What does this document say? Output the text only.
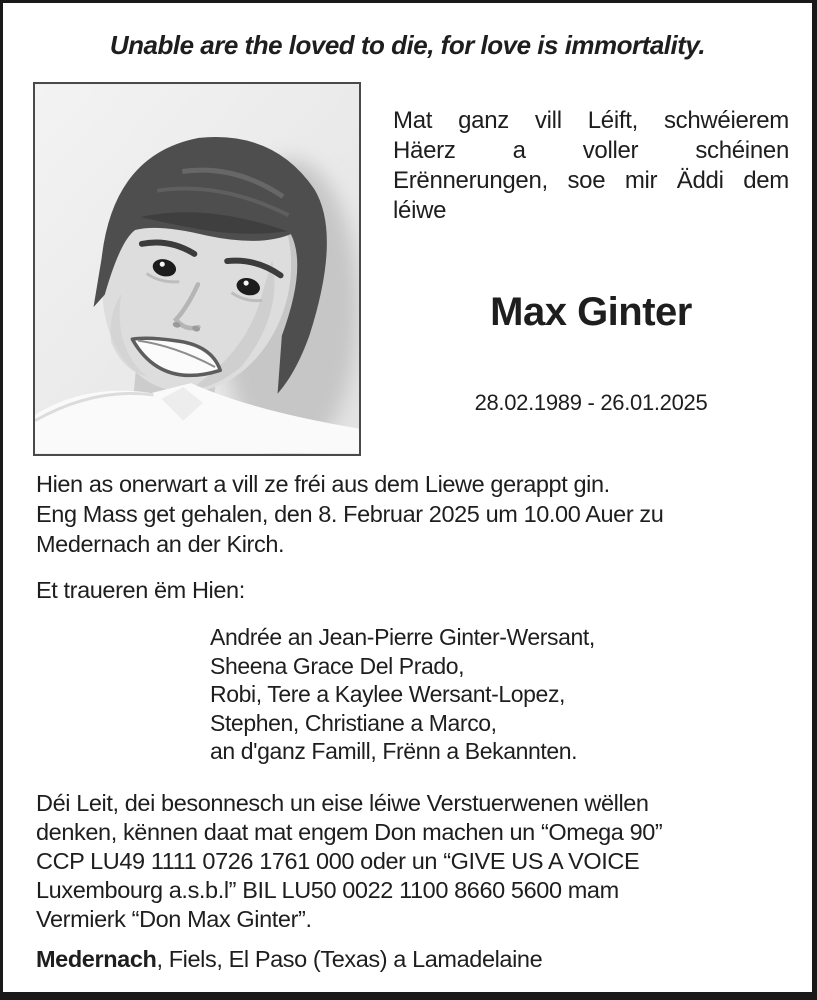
Unable are the loved to die, for love is immortality.
Mat ganz vill Léift, schwéierem
Häerz a voller schéinen
Erënnerungen, soe mir Äddi dem
léiwe
Max Ginter
28.02.1989 - 26.01.2025
Hien as onerwart a vill ze fréi aus dem Liewe gerappt gin.
Eng Mass get gehalen, den 8. Februar 2025 um 10.00 Auer zu
Medernach an der Kirch.
Et traueren ëm Hien:
Andrée an Jean-Pierre Ginter-Wersant,
Sheena Grace Del Prado,
Robi, Tere a Kaylee Wersant-Lopez,
Stephen, Christiane a Marco,
an d'ganz Famill, Frënn a Bekannten.
Déi Leit, dei besonnesch un eise léiwe Verstuerwenen wëllen
denken, kënnen daat mat engem Don machen un “Omega 90”
CCP LU49 1111 0726 1761 000 oder un “GIVE US A VOICE
Luxembourg a.s.b.l” BIL LU50 0022 1100 8660 5600 mam
Vermierk “Don Max Ginter”.
Medernach, Fiels, El Paso (Texas) a Lamadelaine
